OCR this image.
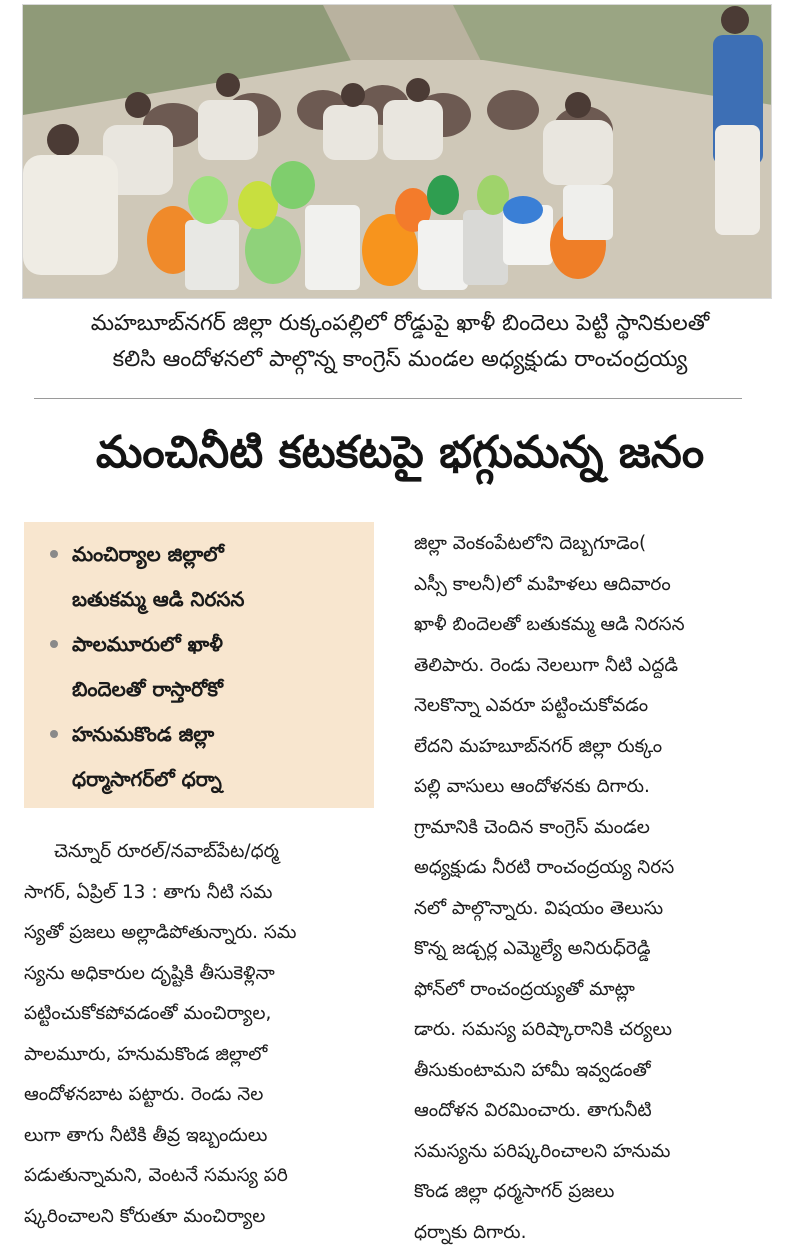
మహబూబ్‌నగర్ జిల్లా రుక్కంపల్లిలో రోడ్డుపై ఖాళీ బిందెలు పెట్టి స్థానికులతో
కలిసి ఆందోళనలో పాల్గొన్న కాంగ్రెస్ మండల అధ్యక్షుడు రాంచంద్రయ్య
మంచినీటి కటకటపై భగ్గుమన్న జనం
మంచిర్యాల జిల్లాలో
బతుకమ్మ ఆడి నిరసన
పాలమూరులో ఖాళీ
బిందెలతో రాస్తారోకో
హనుమకొండ జిల్లా
ధర్మాసాగర్‌లో ధర్నా
చెన్నూర్ రూరల్/నవాబ్‌పేట/ధర్మ
సాగర్, ఏప్రిల్ 13 : తాగు నీటి సమ
స్యతో ప్రజలు అల్లాడిపోతున్నారు. సమ
స్యను అధికారుల దృష్టికి తీసుకెళ్లినా
పట్టించుకోకపోవడంతో మంచిర్యాల,
పాలమూరు, హనుమకొండ జిల్లాలో
ఆందోళనబాట పట్టారు. రెండు నెల
లుగా తాగు నీటికి తీవ్ర ఇబ్బందులు
పడుతున్నామని, వెంటనే సమస్య పరి
ష్కరించాలని కోరుతూ మంచిర్యాల
జిల్లా వెంకంపేటలోని దెబ్బగూడెం(
ఎస్సీ కాలనీ)లో మహిళలు ఆదివారం
ఖాళీ బిందెలతో బతుకమ్మ ఆడి నిరసన
తెలిపారు. రెండు నెలలుగా నీటి ఎద్దడి
నెలకొన్నా ఎవరూ పట్టించుకోవడం
లేదని మహబూబ్‌నగర్ జిల్లా రుక్కం
పల్లి వాసులు ఆందోళనకు దిగారు.
గ్రామానికి చెందిన కాంగ్రెస్ మండల
అధ్యక్షుడు నీరటి రాంచంద్రయ్య నిరస
నలో పాల్గొన్నారు. విషయం తెలుసు
కొన్న జడ్చర్ల ఎమ్మెల్యే అనిరుధ్‌రెడ్డి
ఫోన్‌లో రాంచంద్రయ్యతో మాట్లా
డారు. సమస్య పరిష్కారానికి చర్యలు
తీసుకుంటామని హామీ ఇవ్వడంతో
ఆందోళన విరమించారు. తాగునీటి
సమస్యను పరిష్కరించాలని హనుమ
కొండ జిల్లా ధర్మసాగర్ ప్రజలు
ధర్నాకు దిగారు.
